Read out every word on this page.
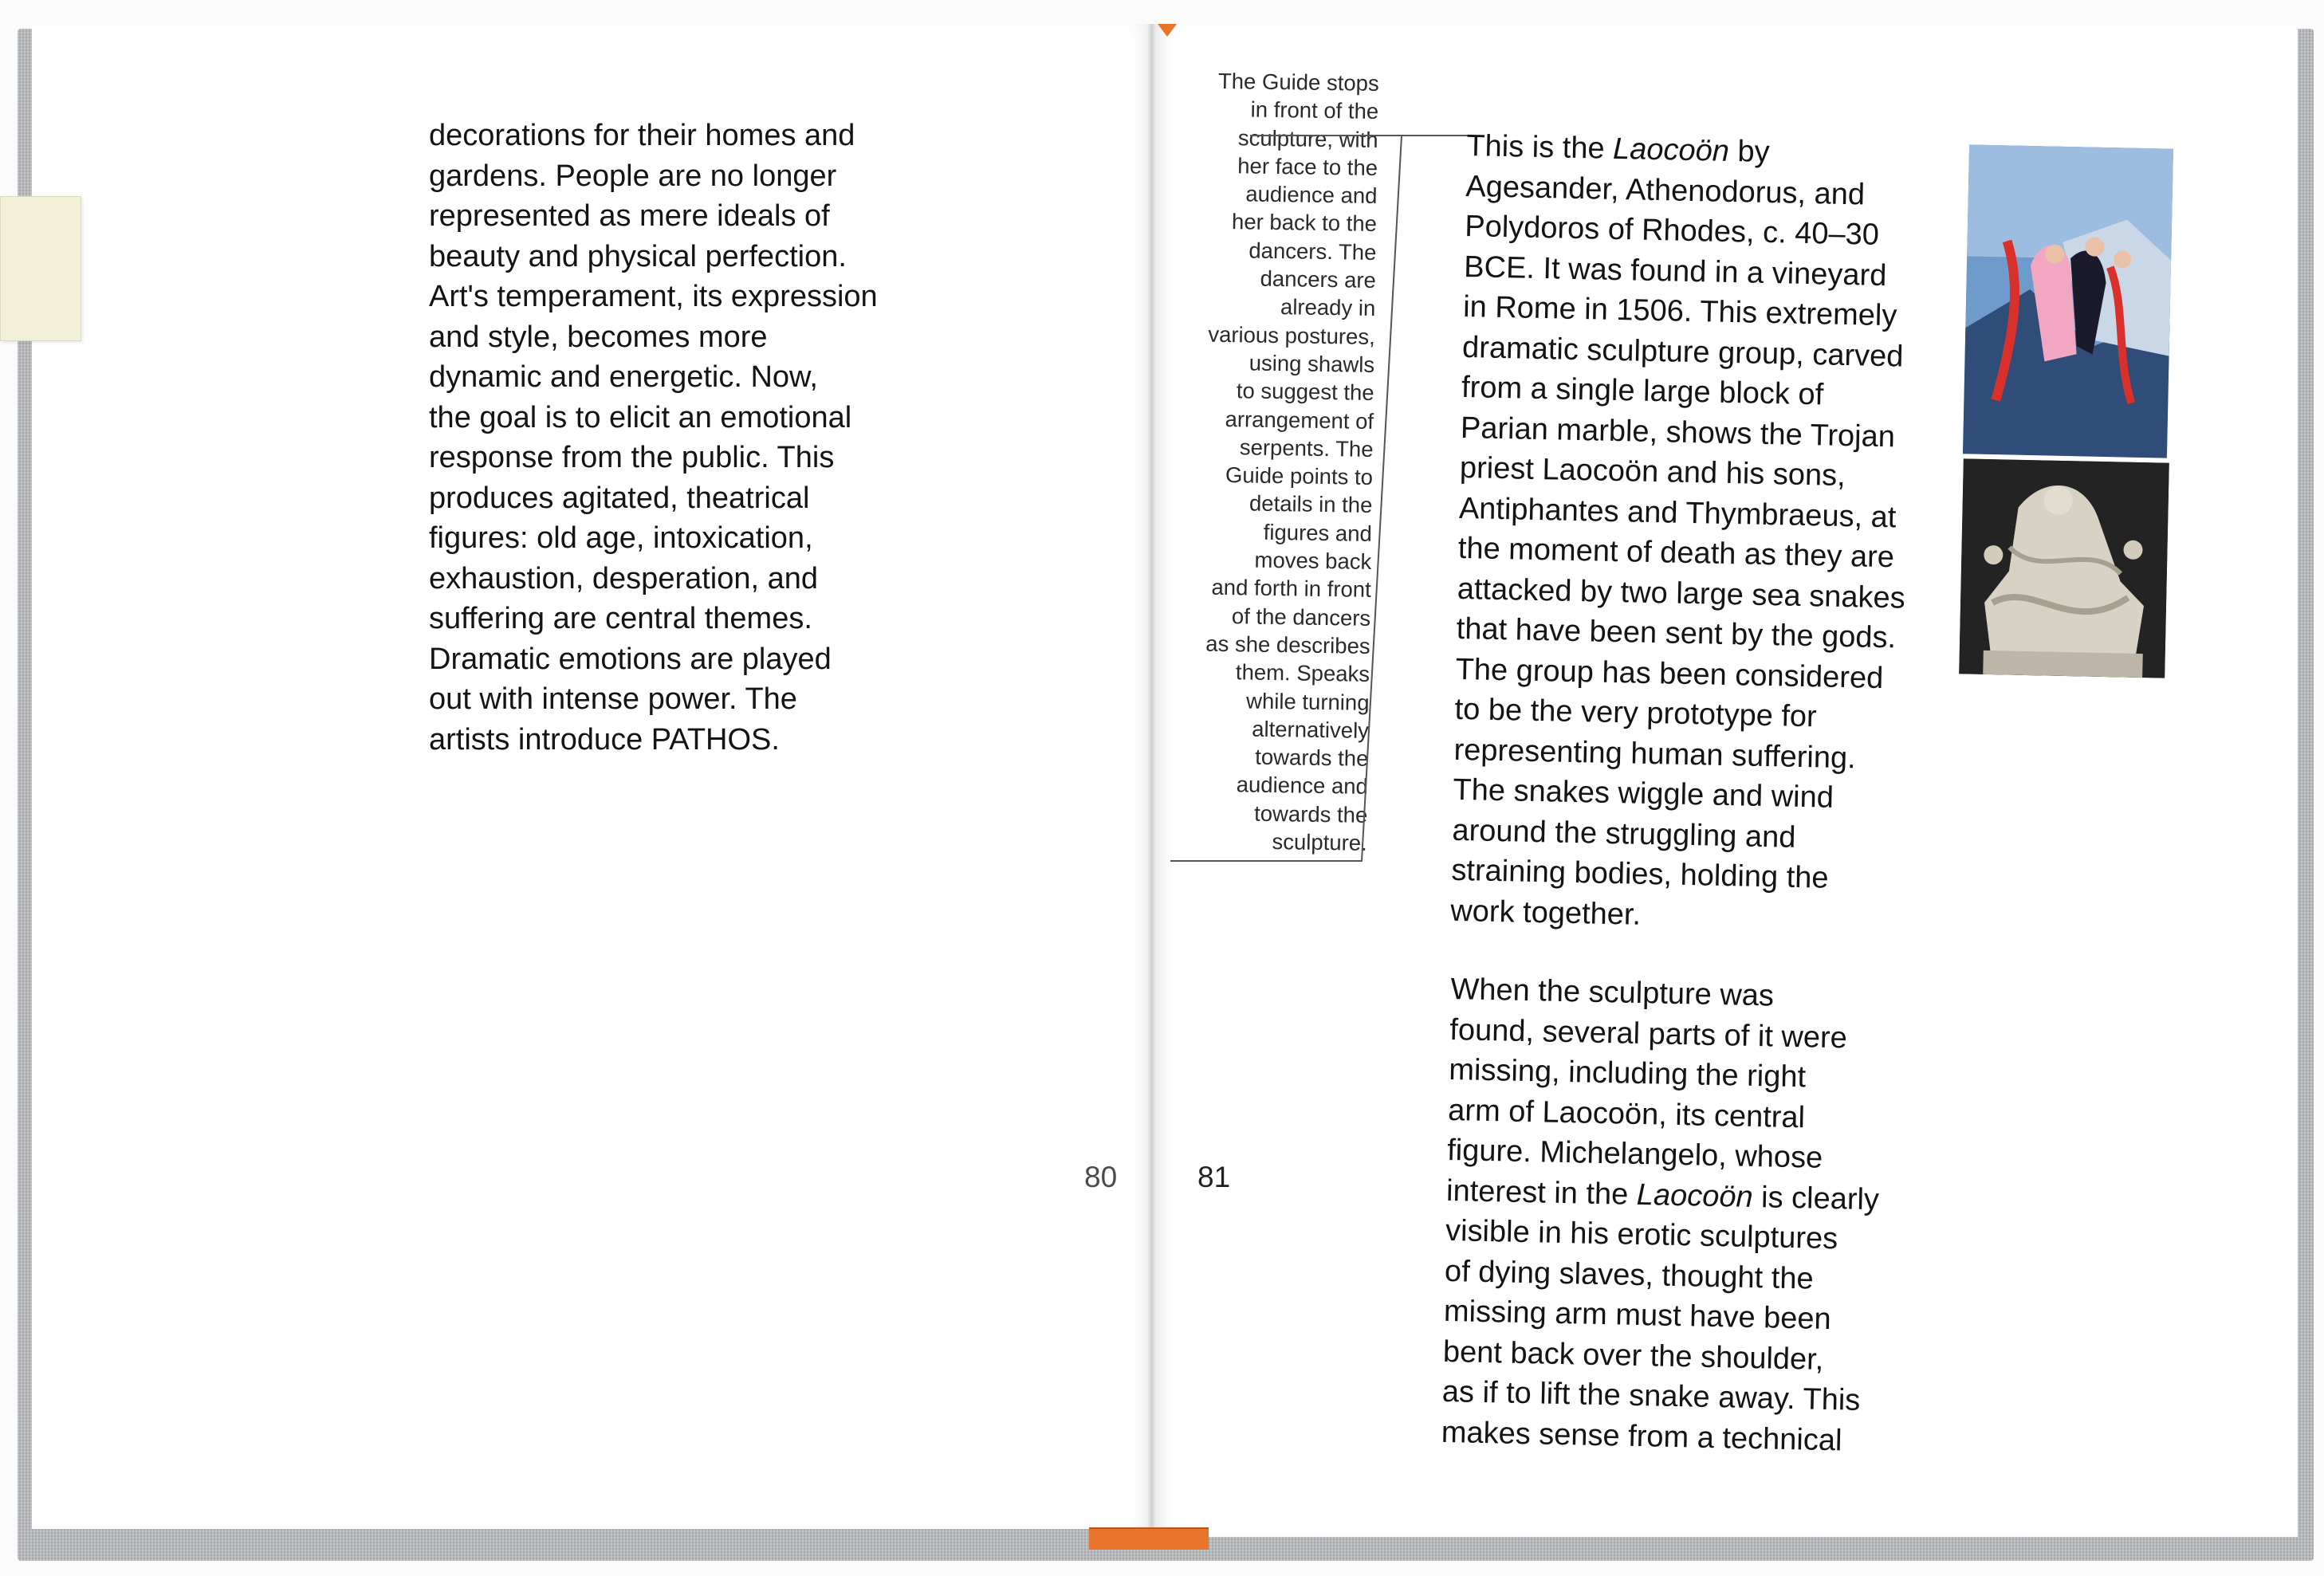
decorations for their homes and
gardens. People are no longer
represented as mere ideals of
beauty and physical perfection.
Art's temperament, its expression
and style, becomes more
dynamic and energetic. Now,
the goal is to elicit an emotional
response from the public. This
produces agitated, theatrical
figures: old age, intoxication,
exhaustion, desperation, and
suffering are central themes.
Dramatic emotions are played
out with intense power. The
artists introduce PATHOS.
80	81
The Guide stops
in front of the
sculpture, with
her face to the
audience and
her back to the
dancers. The
dancers are
already in
various postures,
using shawls
to suggest the
arrangement of
serpents. The
Guide points to
details in the
figures and
moves back
and forth in front
of the dancers
as she describes
them. Speaks
while turning
alternatively
towards the
audience and
towards the
sculpture.
This is the Laocoön by
Agesander, Athenodorus, and
Polydoros of Rhodes, c. 40–30
BCE. It was found in a vineyard
in Rome in 1506. This extremely
dramatic sculpture group, carved
from a single large block of
Parian marble, shows the Trojan
priest Laocoön and his sons,
Antiphantes and Thymbraeus, at
the moment of death as they are
attacked by two large sea snakes
that have been sent by the gods.
The group has been considered
to be the very prototype for
representing human suffering.
The snakes wiggle and wind
around the struggling and
straining bodies, holding the
work together.
When the sculpture was
found, several parts of it were
missing, including the right
arm of Laocoön, its central
figure. Michelangelo, whose
interest in the Laocoön is clearly
visible in his erotic sculptures
of dying slaves, thought the
missing arm must have been
bent back over the shoulder,
as if to lift the snake away. This
makes sense from a technical
